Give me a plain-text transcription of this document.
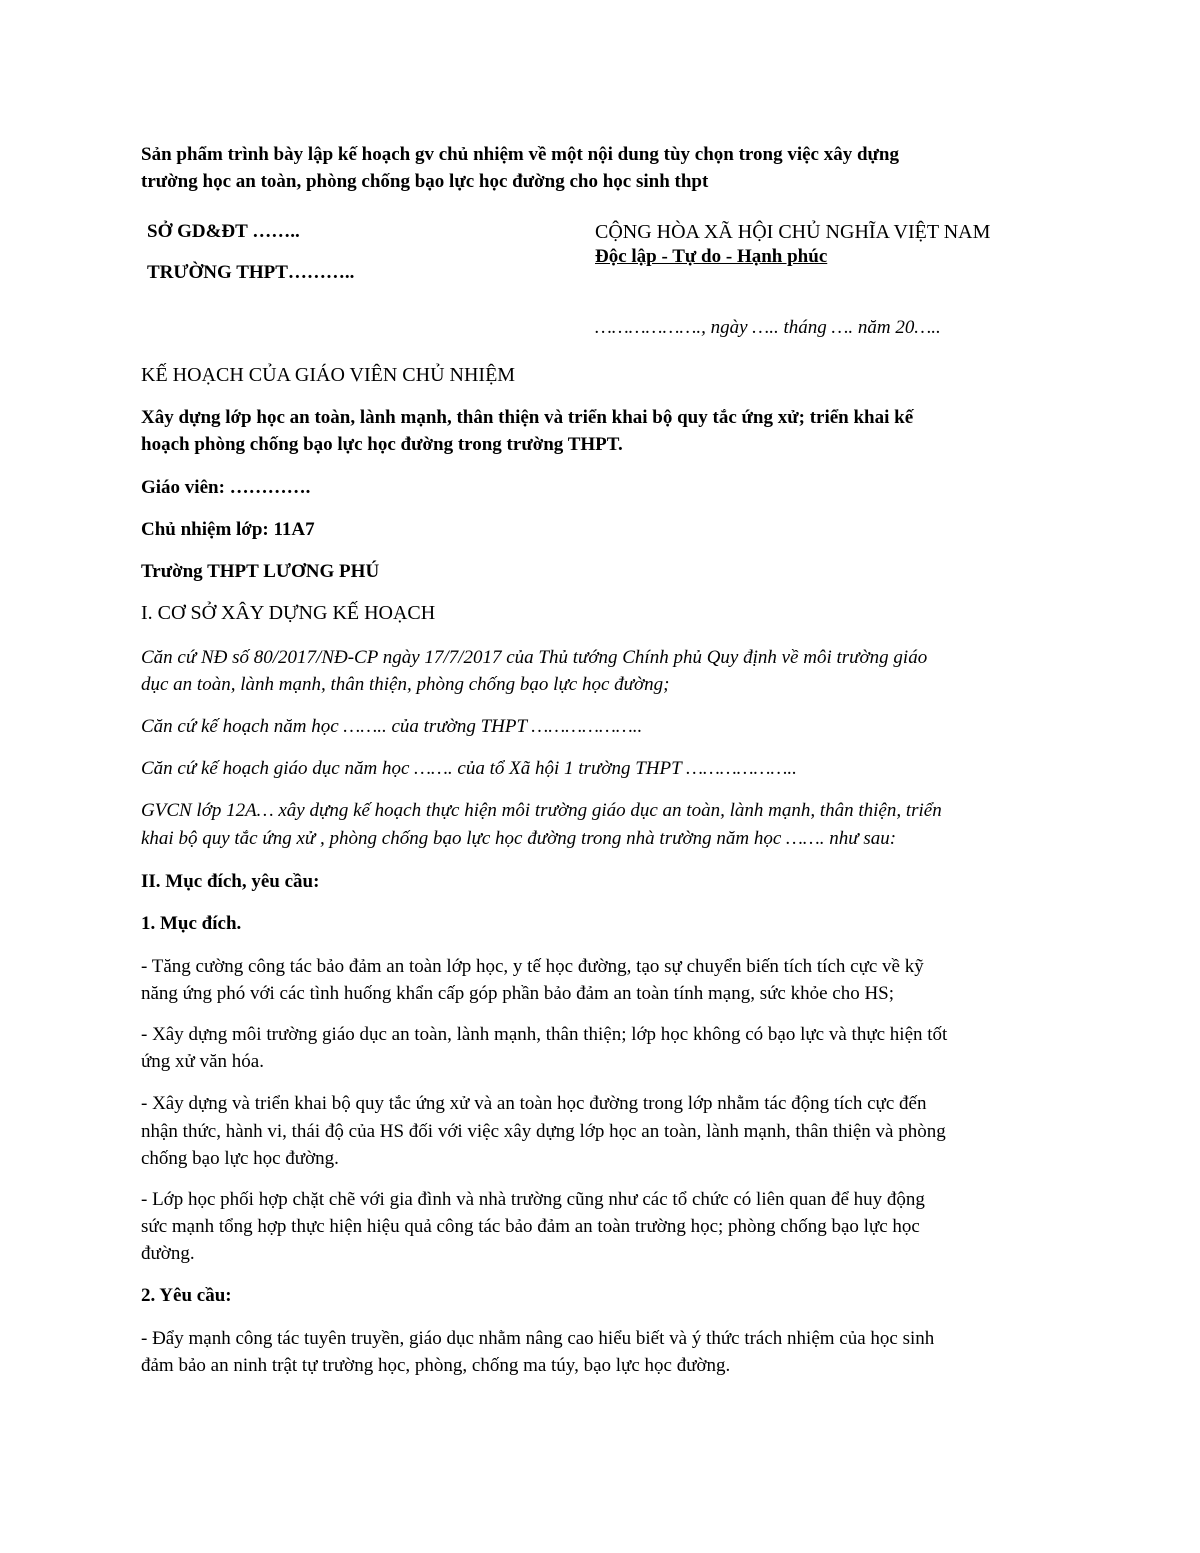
Sản phẩm trình bày lập kế hoạch gv chủ nhiệm về một nội dung tùy chọn trong việc xây dựng

trường học an toàn, phòng chống bạo lực học đường cho học sinh thpt

SỞ GD&ĐT ……..

TRƯỜNG THPT………..

CỘNG HÒA XÃ HỘI CHỦ NGHĨA VIỆT NAM

Độc lập - Tự do - Hạnh phúc

………………., ngày ….. tháng …. năm 20…..

KẾ HOẠCH CỦA GIÁO VIÊN CHỦ NHIỆM

Xây dựng lớp học an toàn, lành mạnh, thân thiện và triển khai bộ quy tắc ứng xử; triển khai kế

hoạch phòng chống bạo lực học đường trong trường THPT.

Giáo viên: ………….

Chủ nhiệm lớp: 11A7

Trường THPT LƯƠNG PHÚ

I. CƠ SỞ XÂY DỰNG KẾ HOẠCH

Căn cứ NĐ số 80/2017/NĐ-CP ngày 17/7/2017 của Thủ tướng Chính phủ Quy định về môi trường giáo

dục an toàn, lành mạnh, thân thiện, phòng chống bạo lực học đường;

Căn cứ kế hoạch năm học …….. của trường THPT ………………..

Căn cứ kế hoạch giáo dục năm học ……. của tổ Xã hội 1 trường THPT ………………..

GVCN lớp 12A… xây dựng kế hoạch thực hiện môi trường giáo dục an toàn, lành mạnh, thân thiện, triển

khai bộ quy tắc ứng xử , phòng chống bạo lực học đường trong nhà trường năm học ……. như sau:

II. Mục đích, yêu cầu:

1. Mục đích.

- Tăng cường công tác bảo đảm an toàn lớp học, y tế học đường, tạo sự chuyển biến tích tích cực về kỹ

năng ứng phó với các tình huống khẩn cấp góp phần bảo đảm an toàn tính mạng, sức khỏe cho HS;

- Xây dựng môi trường giáo dục an toàn, lành mạnh, thân thiện; lớp học không có bạo lực và thực hiện tốt

ứng xử văn hóa.

- Xây dựng và triển khai bộ quy tắc ứng xử và an toàn học đường trong lớp nhằm tác động tích cực đến

nhận thức, hành vi, thái độ của HS đối với việc xây dựng lớp học an toàn, lành mạnh, thân thiện và phòng

chống bạo lực học đường.

- Lớp học phối hợp chặt chẽ với gia đình và nhà trường cũng như các tổ chức có liên quan để huy động

sức mạnh tổng hợp thực hiện hiệu quả công tác bảo đảm an toàn trường học; phòng chống bạo lực học

đường.

2. Yêu cầu:

- Đẩy mạnh công tác tuyên truyền, giáo dục nhằm nâng cao hiểu biết và ý thức trách nhiệm của học sinh

đảm bảo an ninh trật tự trường học, phòng, chống ma túy, bạo lực học đường.
